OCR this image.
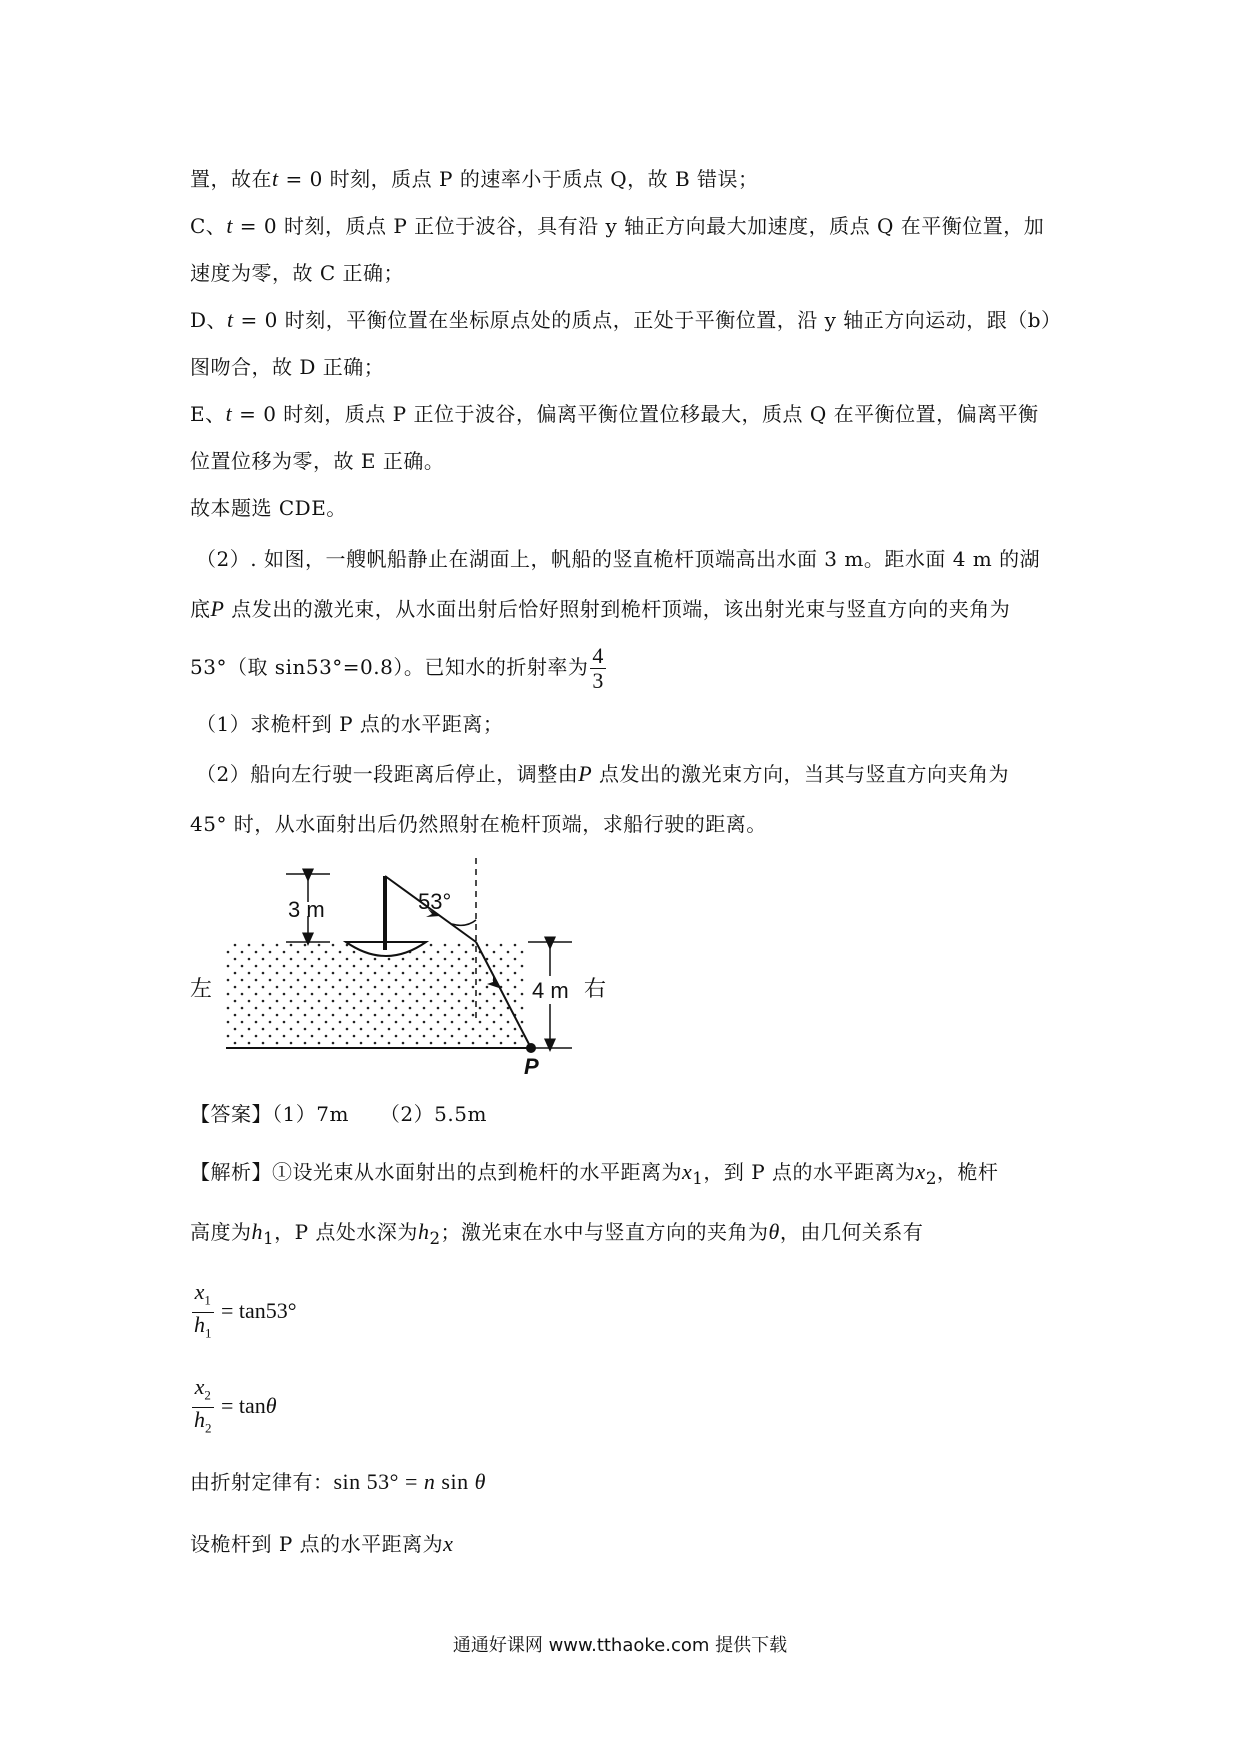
置，故在t = 0 时刻，质点 P 的速率小于质点 Q，故 B 错误；

C、t = 0 时刻，质点 P 正位于波谷，具有沿 y 轴正方向最大加速度，质点 Q 在平衡位置，加

速度为零，故 C 正确；

D、t = 0 时刻，平衡位置在坐标原点处的质点，正处于平衡位置，沿 y 轴正方向运动，跟（b）

图吻合，故 D 正确；

E、t = 0 时刻，质点 P 正位于波谷，偏离平衡位置位移最大，质点 Q 在平衡位置，偏离平衡

位置位移为零，故 E 正确。

故本题选 CDE。

（2）. 如图，一艘帆船静止在湖面上，帆船的竖直桅杆顶端高出水面 3 m。距水面 4 m 的湖

底P 点发出的激光束，从水面出射后恰好照射到桅杆顶端，该出射光束与竖直方向的夹角为

53°（取 sin53°=0.8）。已知水的折射率为 $\frac{4}{3}$

（1）求桅杆到 P 点的水平距离；

（2）船向左行驶一段距离后停止，调整由P 点发出的激光束方向，当其与竖直方向夹角为

45° 时，从水面射出后仍然照射在桅杆顶端，求船行驶的距离。

53°
3 m
4 m
左	右
P

【答案】（1）7m　　（2）5.5m

【解析】①设光束从水面射出的点到桅杆的水平距离为$x_1$，到 P 点的水平距离为$x_2$，桅杆

高度为$h_1$，P 点处水深为$h_2$；激光束在水中与竖直方向的夹角为θ，由几何关系有

$\frac{x_1}{h_1} = \tan 53^\circ$
$\frac{x_2}{h_2} = \tan\theta$

由折射定律有：sin 53° = n sin θ

设桅杆到 P 点的水平距离为x

通通好课网 www.tthaoke.com 提供下载
